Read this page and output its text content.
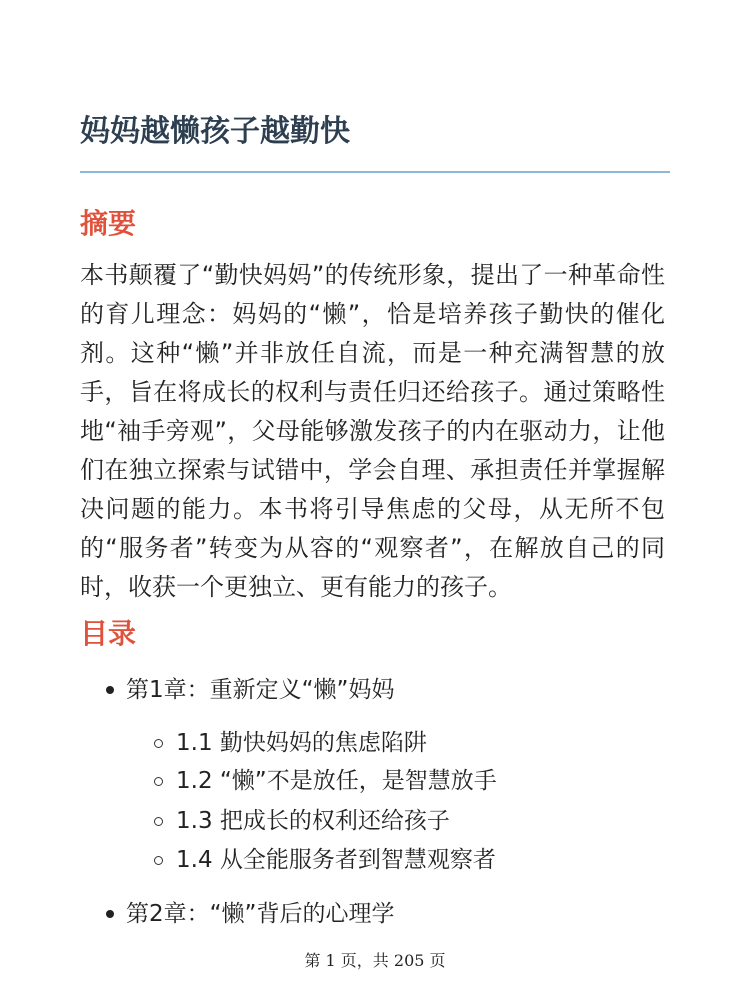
妈妈越懒孩子越勤快
摘要

本书颠覆了“勤快妈妈”的传统形象，提出了一种革命性的育儿理念：妈妈的“懒”，恰是培养孩子勤快的催化剂。这种“懒”并非放任自流，而是一种充满智慧的放手，旨在将成长的权利与责任归还给孩子。通过策略性地“袖手旁观”，父母能够激发孩子的内在驱动力，让他们在独立探索与试错中，学会自理、承担责任并掌握解决问题的能力。本书将引导焦虑的父母，从无所不包的“服务者”转变为从容的“观察者”，在解放自己的同时，收获一个更独立、更有能力的孩子。

目录
第1章：重新定义“懒”妈妈
1.1 勤快妈妈的焦虑陷阱
1.2 “懒”不是放任，是智慧放手
1.3 把成长的权利还给孩子
1.4 从全能服务者到智慧观察者
第2章：“懒”背后的心理学
第 1 页，共 205 页
